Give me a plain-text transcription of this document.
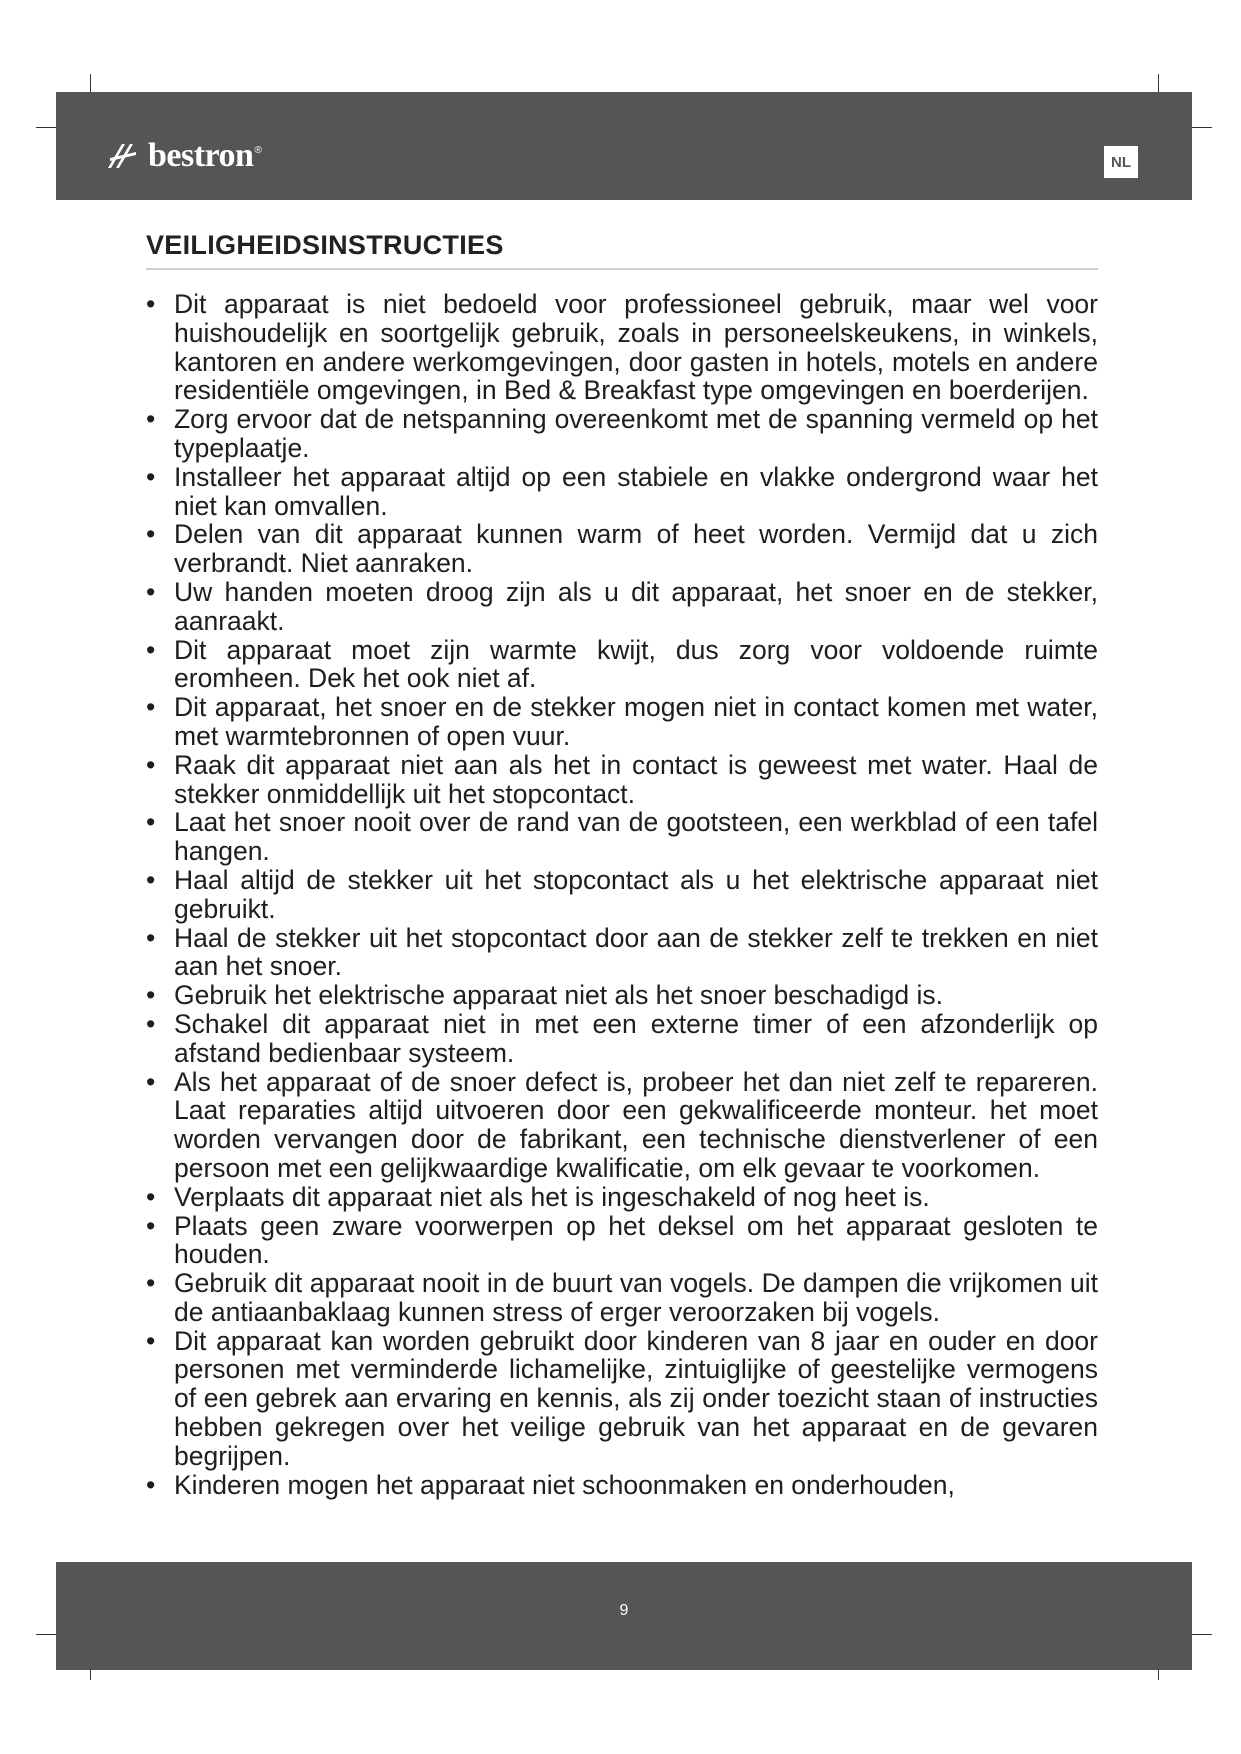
bestron ®
NL
VEILIGHEIDSINSTRUCTIES
• Dit apparaat is niet bedoeld voor professioneel gebruik, maar wel voor huishoudelijk en soortgelijk gebruik, zoals in personeelskeukens, in winkels, kantoren en andere werkomgevingen, door gasten in hotels, motels en andere residentiële omgevingen, in Bed & Breakfast type omgevingen en boerderijen.
• Zorg ervoor dat de netspanning overeenkomt met de spanning vermeld op het typeplaatje.
• Installeer het apparaat altijd op een stabiele en vlakke ondergrond waar het niet kan omvallen.
• Delen van dit apparaat kunnen warm of heet worden. Vermijd dat u zich verbrandt. Niet aanraken.
• Uw handen moeten droog zijn als u dit apparaat, het snoer en de stekker, aanraakt.
• Dit apparaat moet zijn warmte kwijt, dus zorg voor voldoende ruimte eromheen. Dek het ook niet af.
• Dit apparaat, het snoer en de stekker mogen niet in contact komen met water, met warmtebronnen of open vuur.
• Raak dit apparaat niet aan als het in contact is geweest met water. Haal de stekker onmiddellijk uit het stopcontact.
• Laat het snoer nooit over de rand van de gootsteen, een werkblad of een tafel hangen.
• Haal altijd de stekker uit het stopcontact als u het elektrische apparaat niet gebruikt.
• Haal de stekker uit het stopcontact door aan de stekker zelf te trekken en niet aan het snoer.
• Gebruik het elektrische apparaat niet als het snoer beschadigd is.
• Schakel dit apparaat niet in met een externe timer of een afzonderlijk op afstand bedienbaar systeem.
• Als het apparaat of de snoer defect is, probeer het dan niet zelf te repareren. Laat reparaties altijd uitvoeren door een gekwalificeerde monteur. het moet worden vervangen door de fabrikant, een technische dienstverlener of een persoon met een gelijkwaardige kwalificatie, om elk gevaar te voorkomen.
• Verplaats dit apparaat niet als het is ingeschakeld of nog heet is.
• Plaats geen zware voorwerpen op het deksel om het apparaat gesloten te houden.
• Gebruik dit apparaat nooit in de buurt van vogels. De dampen die vrijkomen uit de antiaanbaklaag kunnen stress of erger veroorzaken bij vogels.
• Dit apparaat kan worden gebruikt door kinderen van 8 jaar en ouder en door personen met verminderde lichamelijke, zintuiglijke of geestelijke vermogens of een gebrek aan ervaring en kennis, als zij onder toezicht staan of instructies hebben gekregen over het veilige gebruik van het apparaat en de gevaren begrijpen.
• Kinderen mogen het apparaat niet schoonmaken en onderhouden,
9
